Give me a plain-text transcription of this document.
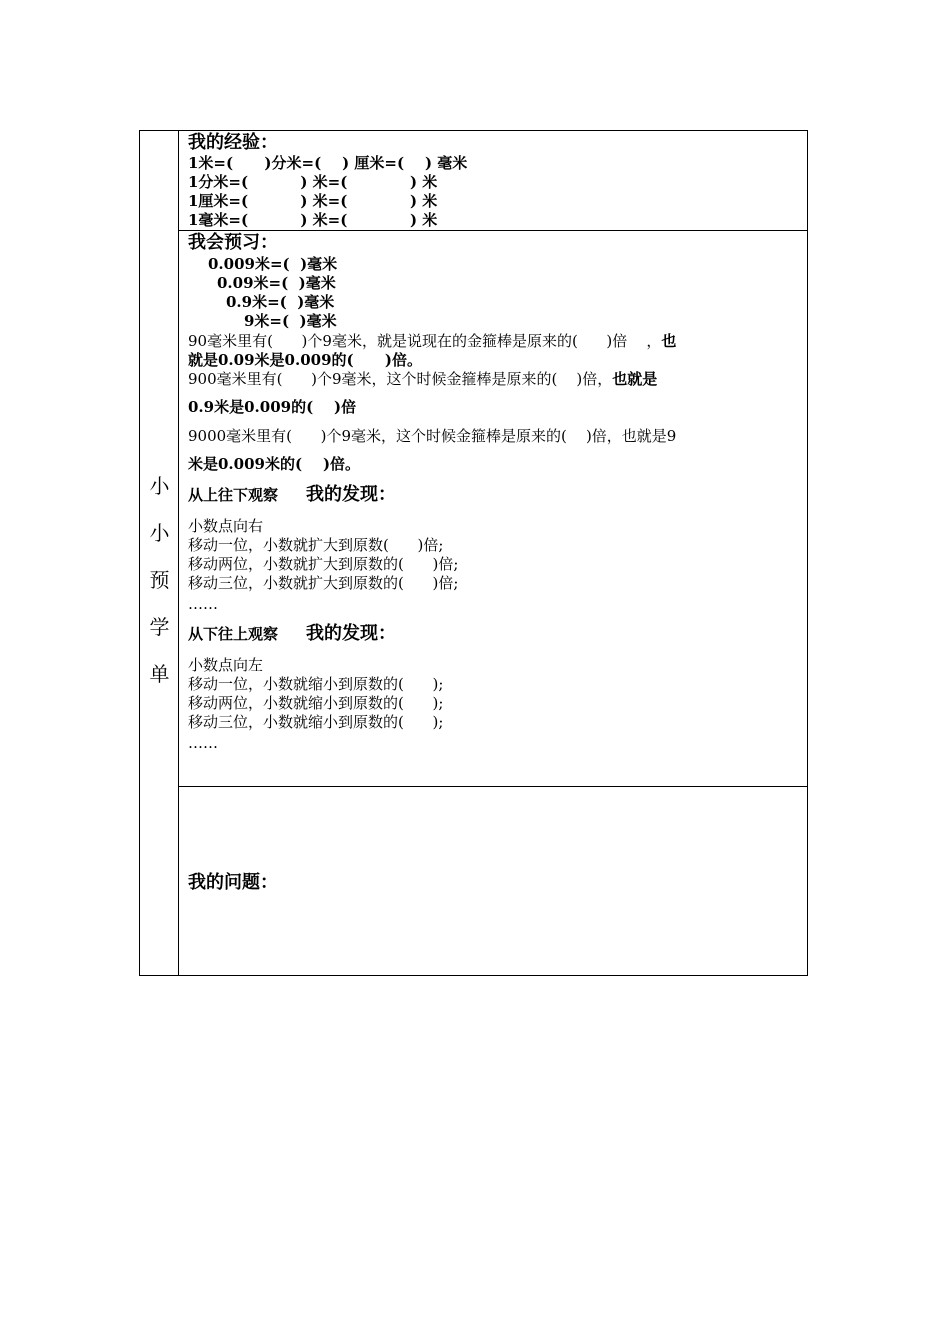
小
小
预
学
单
我的经验：
1米=(      )分米=(    ) 厘米=(    ) 毫米
1分米=(          ) 米=(            ) 米
1厘米=(          ) 米=(            ) 米
1毫米=(          ) 米=(            ) 米
我会预习：
0.009米=(  )毫米
0.09米=(  )毫米
0.9米=(  )毫米
9米=(  )毫米
90毫米里有(      )个9毫米，就是说现在的金箍棒是原来的(      )倍    ，也
就是0.09米是0.009的(      )倍。
900毫米里有(      )个9毫米，这个时候金箍棒是原来的(    )倍，也就是
0.9米是0.009的(    )倍
9000毫米里有(      )个9毫米，这个时候金箍棒是原来的(    )倍，也就是9
米是0.009米的(    )倍。
从上往下观察 我的发现：
小数点向右
移动一位，小数就扩大到原数(      )倍;
移动两位，小数就扩大到原数的(      )倍;
移动三位，小数就扩大到原数的(      )倍;
……
从下往上观察 我的发现：
小数点向左
移动一位，小数就缩小到原数的(      );
移动两位，小数就缩小到原数的(      );
移动三位，小数就缩小到原数的(      );
……
我的问题：
